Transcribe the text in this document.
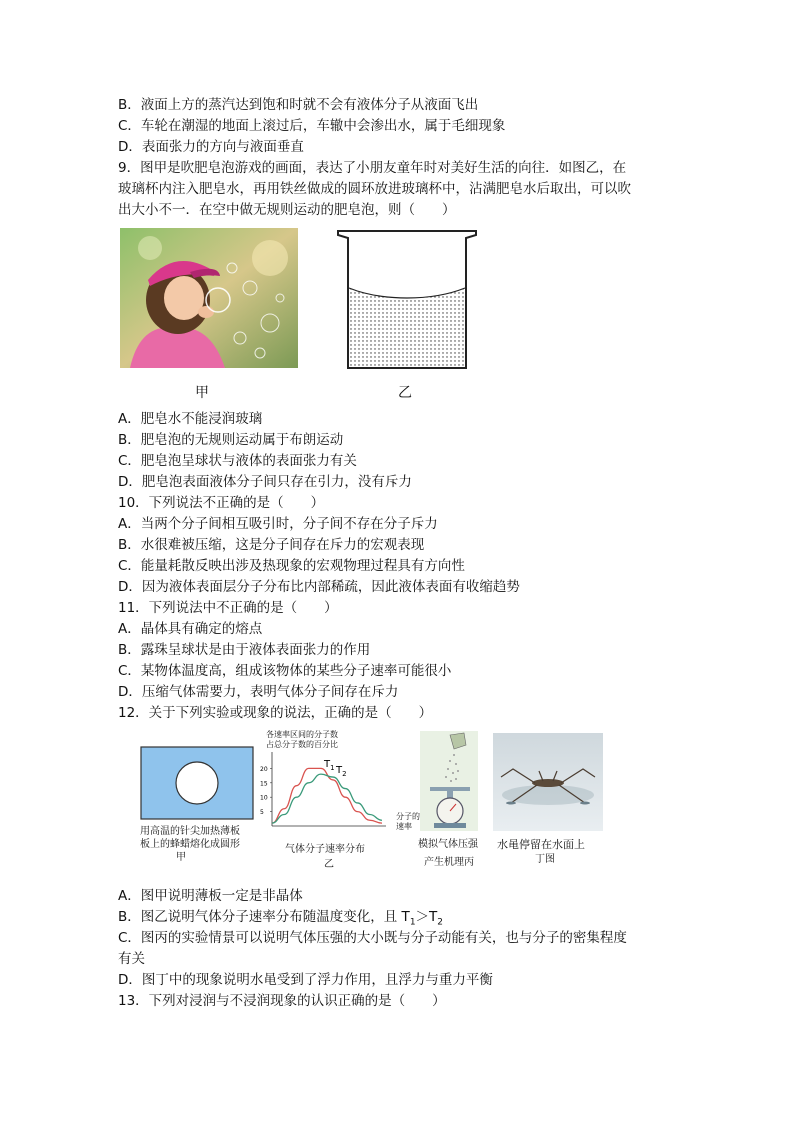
B．液面上方的蒸汽达到饱和时就不会有液体分子从液面飞出
C．车轮在潮湿的地面上滚过后，车辙中会渗出水，属于毛细现象
D．表面张力的方向与液面垂直
9．图甲是吹肥皂泡游戏的画面，表达了小朋友童年时对美好生活的向往．如图乙，在
玻璃杯内注入肥皂水，再用铁丝做成的圆环放进玻璃杯中，沾满肥皂水后取出，可以吹
出大小不一．在空中做无规则运动的肥皂泡，则（　　）
甲	乙
A．肥皂水不能浸润玻璃
B．肥皂泡的无规则运动属于布朗运动
C．肥皂泡呈球状与液体的表面张力有关
D．肥皂泡表面液体分子间只存在引力，没有斥力
10．下列说法不正确的是（　　）
A．当两个分子间相互吸引时，分子间不存在分子斥力
B．水很难被压缩，这是分子间存在斥力的宏观表现
C．能量耗散反映出涉及热现象的宏观物理过程具有方向性
D．因为液体表面层分子分布比内部稀疏，因此液体表面有收缩趋势
11．下列说法中不正确的是（　　）
A．晶体具有确定的熔点
B．露珠呈球状是由于液体表面张力的作用
C．某物体温度高，组成该物体的某些分子速率可能很小
D．压缩气体需要力，表明气体分子间存在斥力
12．关于下列实验或现象的说法，正确的是（　　）
用高温的针尖加热薄板
板上的蜂蜡熔化成圆形
甲
各速率区间的分子数
占总分子数的百分比
20
15
10
5
$T_1$ $T_2$
分子的
速率
气体分子速率分布
乙
模拟气体压强
产生机理丙
水黾停留在水面上
丁图
A．图甲说明薄板一定是非晶体
B．图乙说明气体分子速率分布随温度变化，且 $T_1>T_2$
C．图丙的实验情景可以说明气体压强的大小既与分子动能有关，也与分子的密集程度
有关
D．图丁中的现象说明水黾受到了浮力作用，且浮力与重力平衡
13．下列对浸润与不浸润现象的认识正确的是（　　）
